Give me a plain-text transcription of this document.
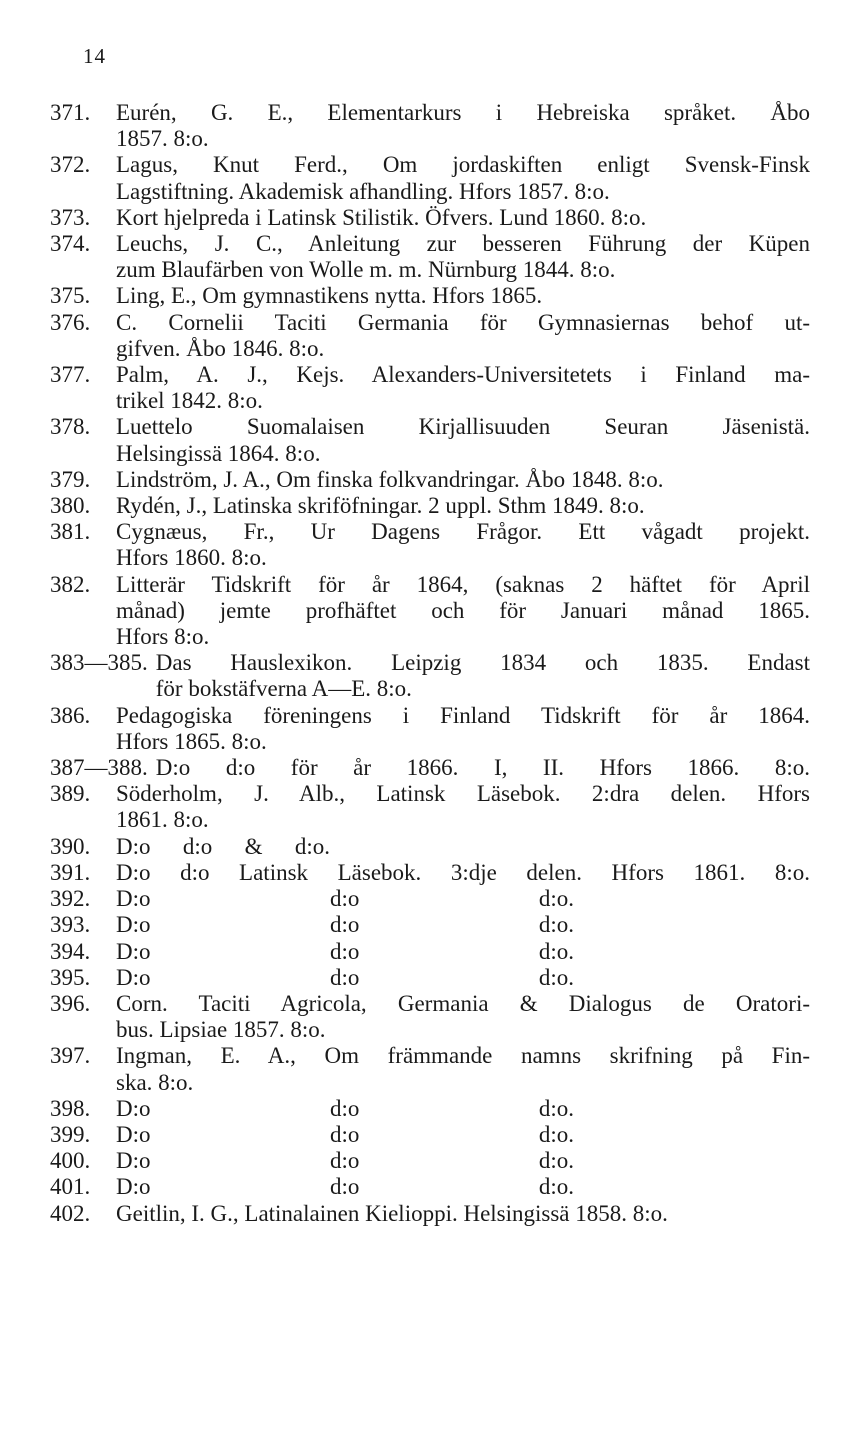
14
371.	Eurén, G. E., Elementarkurs i Hebreiska språket. Åbo
1857. 8:o.
372.	Lagus, Knut Ferd., Om jordaskiften enligt Svensk-Finsk
Lagstiftning. Akademisk afhandling. Hfors 1857. 8:o.
373.	Kort hjelpreda i Latinsk Stilistik. Öfvers. Lund 1860. 8:o.
374.	Leuchs, J. C., Anleitung zur besseren Führung der Küpen
zum Blaufärben von Wolle m. m. Nürnburg 1844. 8:o.
375.	Ling, E., Om gymnastikens nytta. Hfors 1865.
376.	C. Cornelii Taciti Germania för Gymnasiernas behof ut-
gifven. Åbo 1846. 8:o.
377.	Palm, A. J., Kejs. Alexanders-Universitetets i Finland ma-
trikel 1842. 8:o.
378.	Luettelo Suomalaisen Kirjallisuuden Seuran Jäsenistä.
Helsingissä 1864. 8:o.
379.	Lindström, J. A., Om finska folkvandringar. Åbo 1848. 8:o.
380.	Rydén, J., Latinska skriföfningar. 2 uppl. Sthm 1849. 8:o.
381.	Cygnæus, Fr., Ur Dagens Frågor. Ett vågadt projekt.
Hfors 1860. 8:o.
382.	Litterär Tidskrift för år 1864, (saknas 2 häftet för April
månad) jemte profhäftet och för Januari månad 1865.
Hfors 8:o.
383—385. Das Hauslexikon. Leipzig 1834 och 1835. Endast
för bokstäfverna A—E. 8:o.
386.	Pedagogiska föreningens i Finland Tidskrift för år 1864.
Hfors 1865. 8:o.
387—388. D:o d:o för år 1866. I, II. Hfors 1866. 8:o.
389.	Söderholm, J. Alb., Latinsk Läsebok. 2:dra delen. Hfors
1861. 8:o.
390.	D:o d:o & d:o.
391.	D:o d:o Latinsk Läsebok. 3:dje delen. Hfors 1861. 8:o.
392.	D:o d:o d:o.
393.	D:o d:o d:o.
394.	D:o d:o d:o.
395.	D:o d:o d:o.
396.	Corn. Taciti Agricola, Germania & Dialogus de Oratori-
bus. Lipsiae 1857. 8:o.
397.	Ingman, E. A., Om främmande namns skrifning på Fin-
ska. 8:o.
398.	D:o d:o d:o.
399.	D:o d:o d:o.
400.	D:o d:o d:o.
401.	D:o d:o d:o.
402.	Geitlin, I. G., Latinalainen Kielioppi. Helsingissä 1858. 8:o.
